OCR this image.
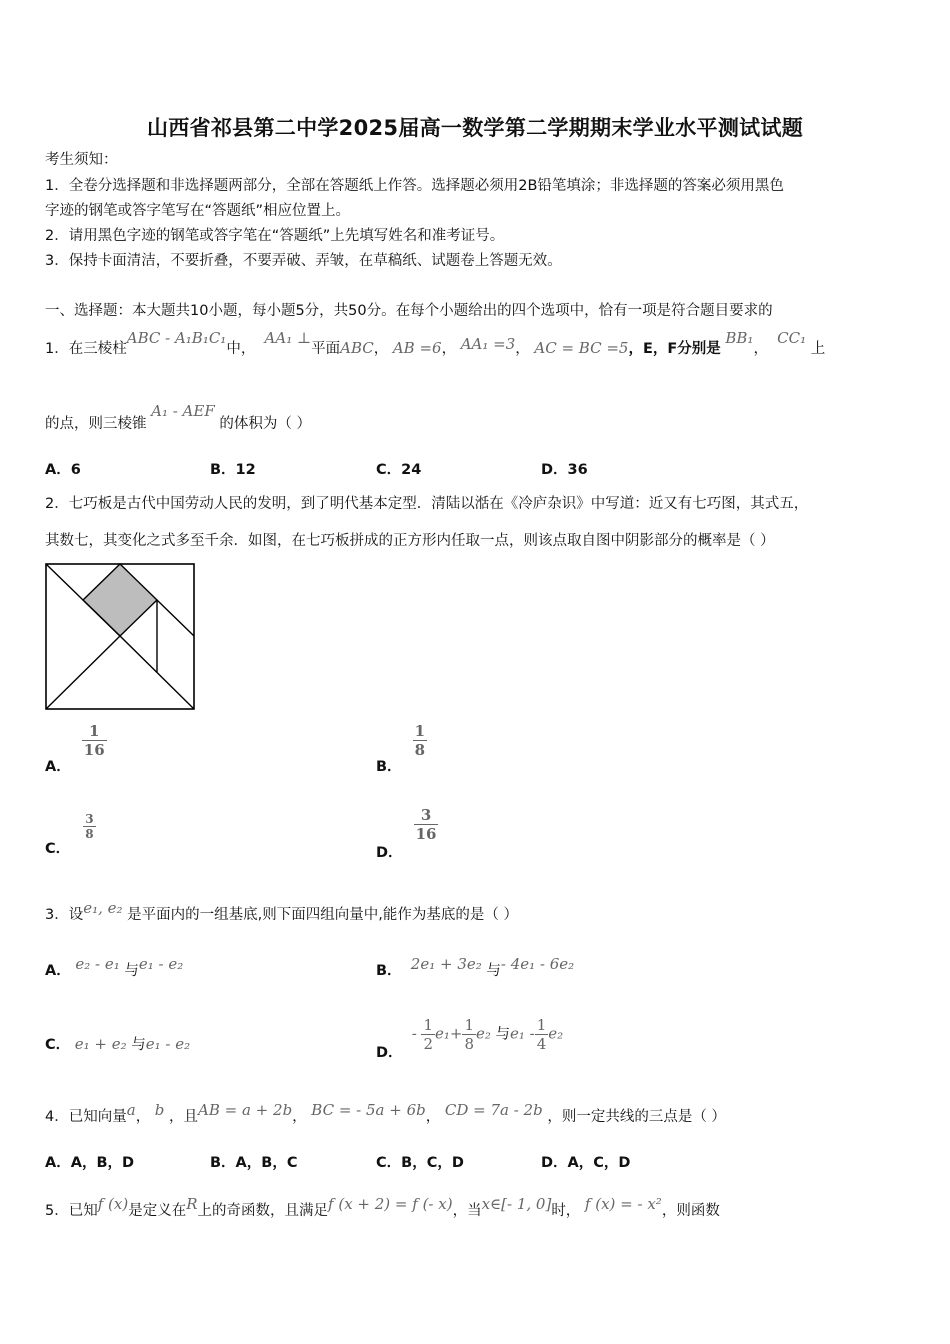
山西省祁县第二中学2025届高一数学第二学期期末学业水平测试试题
考生须知：
1．全卷分选择题和非选择题两部分，全部在答题纸上作答。选择题必须用2B铅笔填涂；非选择题的答案必须用黑色
字迹的钢笔或答字笔写在“答题纸”相应位置上。
2．请用黑色字迹的钢笔或答字笔在“答题纸”上先填写姓名和准考证号。
3．保持卡面清洁，不要折叠，不要弄破、弄皱，在草稿纸、试题卷上答题无效。
一、选择题：本大题共10小题，每小题5分，共50分。在每个小题给出的四个选项中，恰有一项是符合题目要求的
1．在三棱柱ABC - A₁B₁C₁中，  AA₁ ⊥平面ABC， AB =6， AA₁ =3， AC = BC =5，E，F分别是 BB₁，  CC₁ 上
的点，则三棱锥 A₁ - AEF 的体积为（ ）
A．6	B．12	C．24	D．36
2．七巧板是古代中国劳动人民的发明，到了明代基本定型．清陆以湉在《冷庐杂识》中写道：近又有七巧图，其式五，
其数七，其变化之式多至千余．如图，在七巧板拼成的正方形内任取一点，则该点取自图中阴影部分的概率是（ ）
A．
$\frac{1}{16}$
B．
$\frac{1}{8}$
C．
$\frac{3}{8}$
D．
$\frac{3}{16}$
3．设e₁, e₂ 是平面内的一组基底,则下面四组向量中,能作为基底的是（ ）
A． e₂ - e₁ 与e₁ - e₂	B． 2e₁ + 3e₂ 与- 4e₁ - 6e₂
C． e₁ + e₂ 与e₁ - e₂	D．  - $\frac{1}{2} e_1+ \frac{1}{8} e_2$ 与$e_1 - \frac{1}{4} e_2$
4．已知向量a， b ，且AB = a + 2b， BC = - 5a + 6b， CD = 7a - 2b ，则一定共线的三点是（ ）
A．A，B，D	B．A，B，C	C．B，C，D	D．A，C，D
5．已知f (x)是定义在R上的奇函数，且满足f (x + 2) = f (- x)，当x∈[- 1, 0]时， f (x) = - x²，则函数
